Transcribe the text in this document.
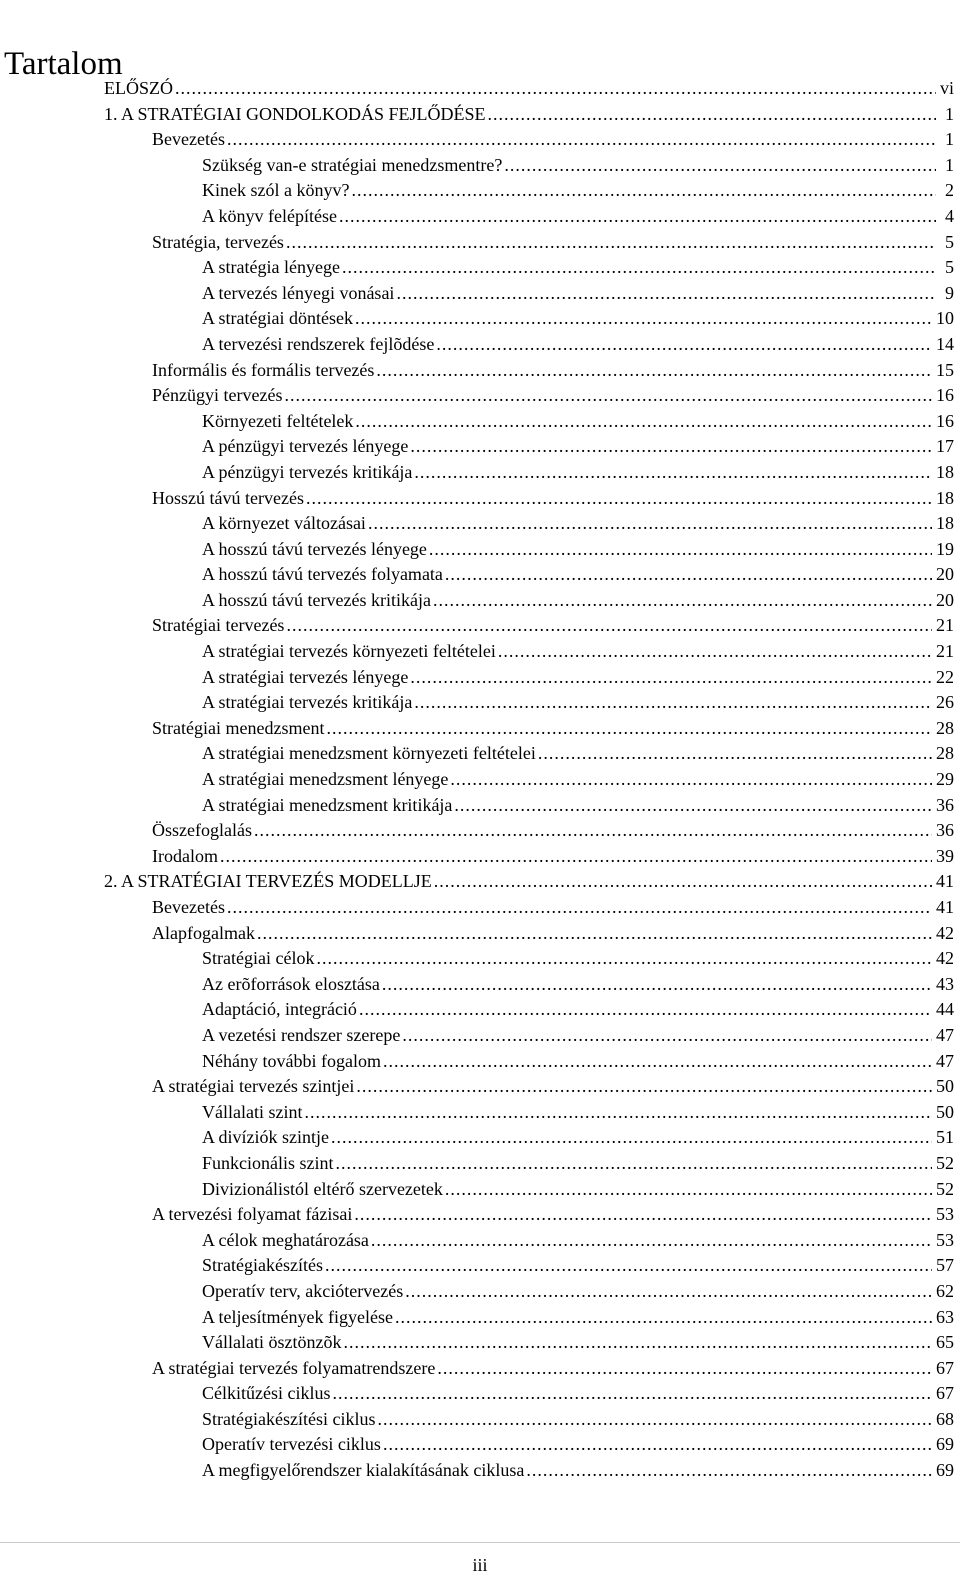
Tartalom
ELŐSZÓ .....	vi
1. A STRATÉGIAI GONDOLKODÁS FEJLŐDÉSE .....	1
Bevezetés .....	1
Szükség van-e stratégiai menedzsmentre? .....	1
Kinek szól a könyv? .....	2
A könyv felépítése .....	4
Stratégia, tervezés .....	5
A stratégia lényege .....	5
A tervezés lényegi vonásai .....	9
A stratégiai döntések .....	10
A tervezési rendszerek fejlõdése .....	14
Informális és formális tervezés .....	15
Pénzügyi tervezés .....	16
Környezeti feltételek .....	16
A pénzügyi tervezés lényege .....	17
A pénzügyi tervezés kritikája .....	18
Hosszú távú tervezés .....	18
A környezet változásai .....	18
A hosszú távú tervezés lényege .....	19
A hosszú távú tervezés folyamata .....	20
A hosszú távú tervezés kritikája .....	20
Stratégiai tervezés .....	21
A stratégiai tervezés környezeti feltételei .....	21
A stratégiai tervezés lényege .....	22
A stratégiai tervezés kritikája .....	26
Stratégiai menedzsment .....	28
A stratégiai menedzsment környezeti feltételei .....	28
A stratégiai menedzsment lényege .....	29
A stratégiai menedzsment kritikája .....	36
Összefoglalás .....	36
Irodalom .....	39
2. A STRATÉGIAI TERVEZÉS MODELLJE .....	41
Bevezetés .....	41
Alapfogalmak .....	42
Stratégiai célok .....	42
Az erõforrások elosztása .....	43
Adaptáció, integráció .....	44
A vezetési rendszer szerepe .....	47
Néhány további fogalom .....	47
A stratégiai tervezés szintjei .....	50
Vállalati szint .....	50
A divíziók szintje .....	51
Funkcionális szint .....	52
Divizionálistól eltérő szervezetek .....	52
A tervezési folyamat fázisai .....	53
A célok meghatározása .....	53
Stratégiakészítés .....	57
Operatív terv, akciótervezés .....	62
A teljesítmények figyelése .....	63
Vállalati ösztönzõk .....	65
A stratégiai tervezés folyamatrendszere .....	67
Célkitűzési ciklus .....	67
Stratégiakészítési ciklus .....	68
Operatív tervezési ciklus .....	69
A megfigyelőrendszer kialakításának ciklusa .....	69
iii
